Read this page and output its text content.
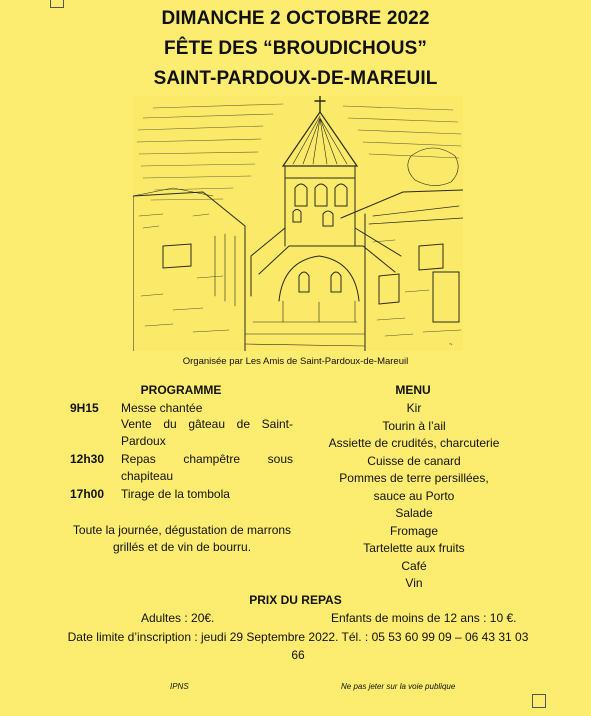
DIMANCHE 2 OCTOBRE 2022
FÊTE DES “BROUDICHOUS”
SAINT-PARDOUX-DE-MAREUIL
~
Organisée par Les Amis de Saint-Pardoux-de-Mareuil
PROGRAMME	MENU
9H15 Messe chantée
Vente du gâteau de Saint-Pardoux
12h30 Repas champêtre sous chapiteau
17h00 Tirage de la tombola
Toute la journée, dégustation de marrons grillés et de vin de bourru.
Kir
Tourin à l’ail
Assiette de crudités, charcuterie
Cuisse de canard
Pommes de terre persillées,
sauce au Porto
Salade
Fromage
Tartelette aux fruits
Café
Vin
PRIX DU REPAS
Adultes : 20€.	Enfants de moins de 12 ans : 10 €.
Date limite d’inscription : jeudi 29 Septembre 2022. Tél. : 05 53 60 99 09 – 06 43 31 03 66
IPNS	Ne pas jeter sur la voie publique
